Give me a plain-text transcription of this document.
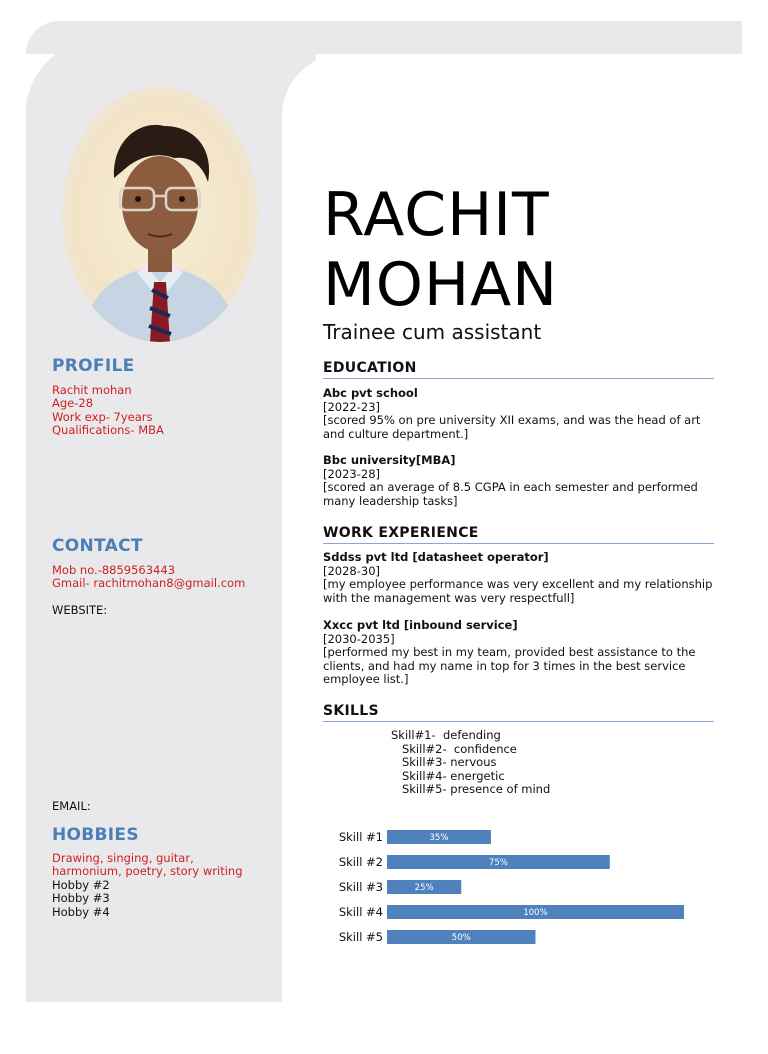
PROFILE
Rachit mohan
Age-28
Work exp- 7years
Qualifications- MBA
CONTACT
Mob no.-8859563443
Gmail- rachitmohan8@gmail.com
WEBSITE:
EMAIL:
HOBBIES
Drawing, singing, guitar,
harmonium, poetry, story writing
Hobby #2
Hobby #3
Hobby #4
RACHIT
MOHAN
Trainee cum assistant
EDUCATION
Abc pvt school
[2022-23]
[scored 95% on pre university XII exams, and was the head of art
and culture department.]
Bbc university[MBA]
[2023-28]
[scored an average of 8.5 CGPA in each semester and performed
many leadership tasks]
WORK EXPERIENCE
Sddss pvt ltd [datasheet operator]
[2028-30]
[my employee performance was very excellent and my relationship
with the management was very respectfull]
Xxcc pvt ltd [inbound service]
[2030-2035]
[performed my best in my team, provided best assistance to the
clients, and had my name in top for 3 times in the best service
employee list.]
SKILLS
Skill#1-  defending
Skill#2-  confidence
Skill#3- nervous
Skill#4- energetic
Skill#5- presence of mind
Skill #1	35%
Skill #2	75%
Skill #3	25%
Skill #4	100%
Skill #5	50%
